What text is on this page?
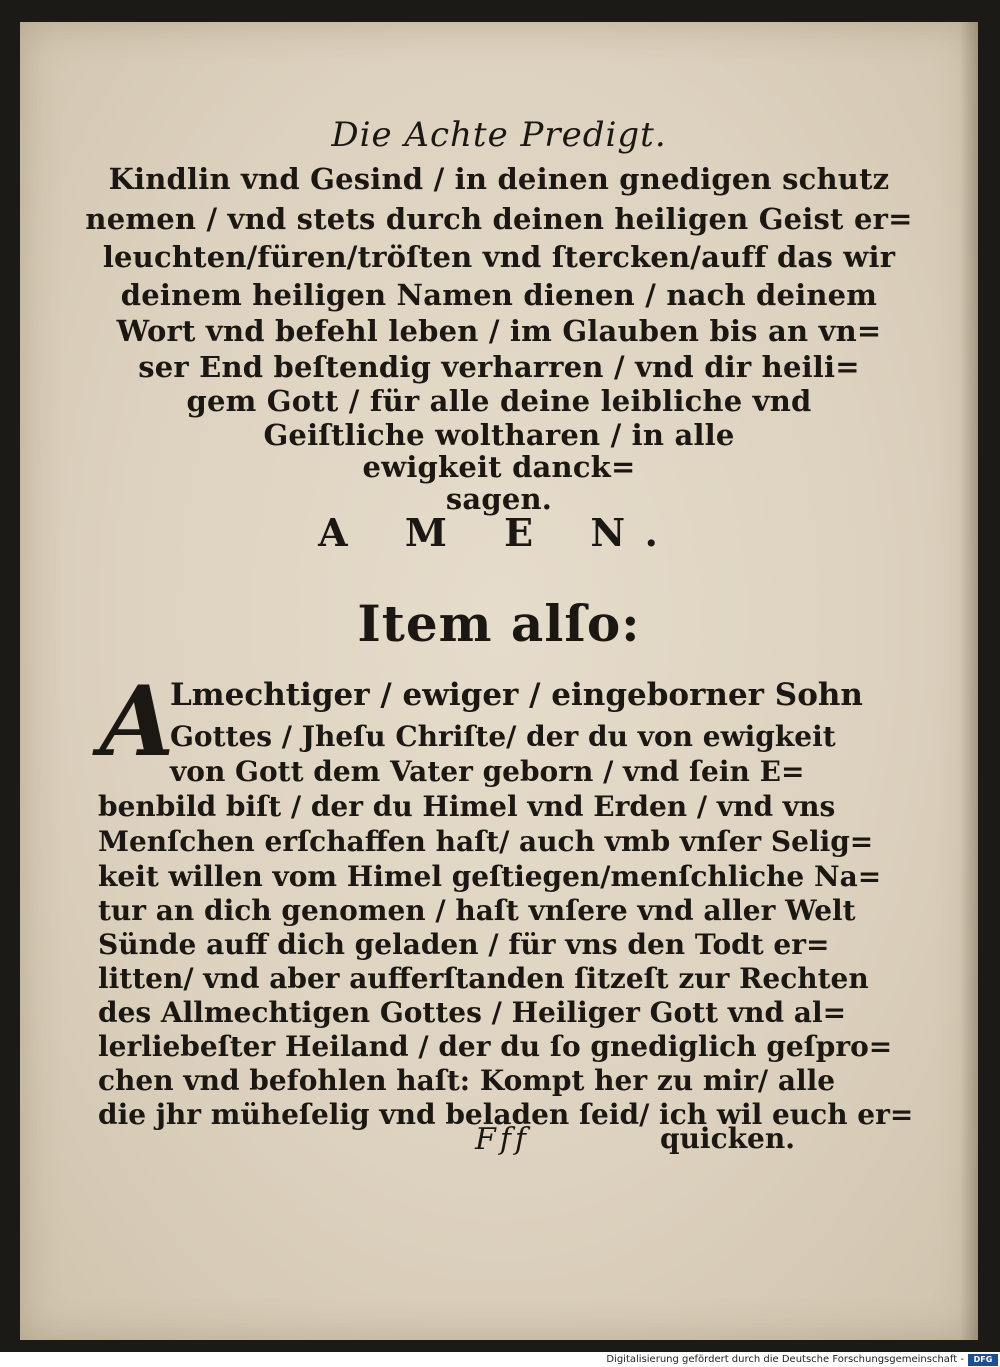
Die Achte Predigt.
Kindlin vnd Gesind / in deinen gnedigen schutz
nemen / vnd stets durch deinen heiligen Geist er=
leuchten/füren/tröſten vnd ſtercken/auff das wir
deinem heiligen Namen dienen / nach deinem
Wort vnd befehl leben / im Glauben bis an vn=
ser End beſtendig verharren / vnd dir heili=
gem Gott / für alle deine leibliche vnd
Geiſtliche woltharen / in alle
ewigkeit danck=
sagen.
A M E N.
Item alſo:
A
Lmechtiger / ewiger / eingeborner Sohn
Gottes / Jheſu Chriſte/ der du von ewigkeit
von Gott dem Vater geborn / vnd ſein E=
benbild biſt / der du Himel vnd Erden / vnd vns
Menſchen erſchaffen haſt/ auch vmb vnſer Selig=
keit willen vom Himel geſtiegen/menſchliche Na=
tur an dich genomen / haſt vnſere vnd aller Welt
Sünde auff dich geladen / für vns den Todt er=
litten/ vnd aber aufferſtanden ſitzeſt zur Rechten
des Allmechtigen Gottes / Heiliger Gott vnd al=
lerliebeſter Heiland / der du ſo gnediglich geſpro=
chen vnd befohlen haſt: Kompt her zu mir/ alle
die jhr müheſelig vnd beladen ſeid/ ich wil euch er=
Fff	quicken.
Digitalisierung gefördert durch die Deutsche Forschungsgemeinschaft -	DFG
